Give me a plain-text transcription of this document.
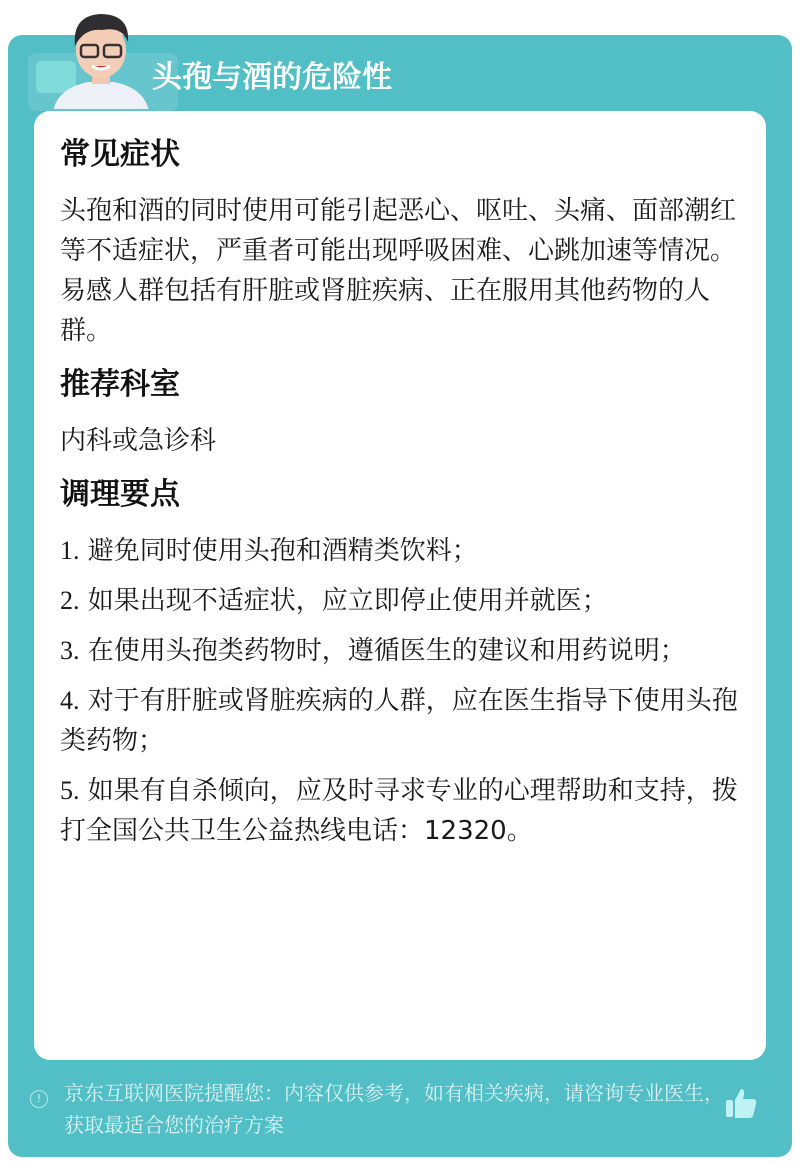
头孢与酒的危险性
常见症状

头孢和酒的同时使用可能引起恶心、呕吐、头痛、面部潮红等不适症状，严重者可能出现呼吸困难、心跳加速等情况。易感人群包括有肝脏或肾脏疾病、正在服用其他药物的人群。

推荐科室

内科或急诊科

调理要点
1. 避免同时使用头孢和酒精类饮料；
2. 如果出现不适症状，应立即停止使用并就医；
3. 在使用头孢类药物时，遵循医生的建议和用药说明；
4. 对于有肝脏或肾脏疾病的人群，应在医生指导下使用头孢类药物；
5. 如果有自杀倾向，应及时寻求专业的心理帮助和支持，拨打全国公共卫生公益热线电话：12320。
!	京东互联网医院提醒您：内容仅供参考，如有相关疾病，请咨询专业医生，获取最适合您的治疗方案
